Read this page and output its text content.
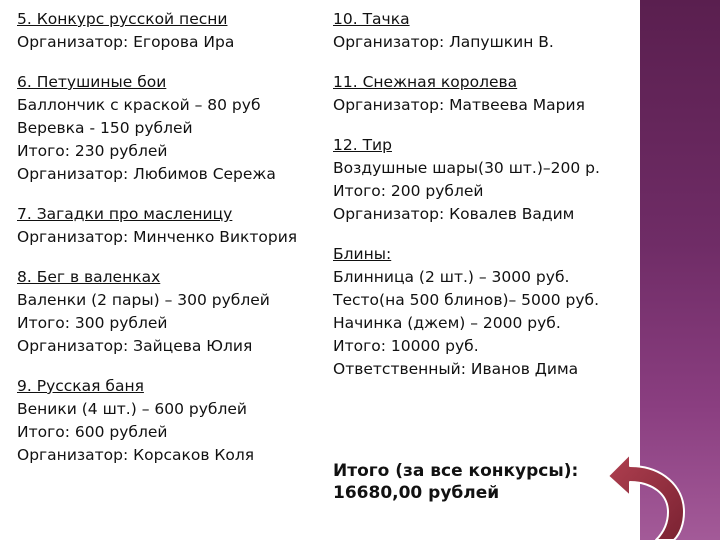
5. Конкурс русской песни
Организатор: Егорова Ира
6. Петушиные бои
Баллончик с краской – 80 руб
Веревка - 150 рублей
Итого: 230 рублей
Организатор: Любимов Сережа
7. Загадки про масленицу
Организатор: Минченко Виктория
8. Бег в валенках
Валенки (2 пары) – 300 рублей
Итого: 300 рублей
Организатор: Зайцева Юлия
9. Русская баня
Веники (4 шт.) – 600 рублей
Итого: 600 рублей
Организатор: Корсаков Коля
10. Тачка
Организатор: Лапушкин В.
11. Снежная королева
Организатор: Матвеева Мария
12. Тир
Воздушные шары(30 шт.)–200 р.
Итого: 200 рублей
Организатор: Ковалев Вадим
Блины:
Блинница (2 шт.) – 3000 руб.
Тесто(на 500 блинов)– 5000 руб.
Начинка (джем) – 2000 руб.
Итого: 10000 руб.
Ответственный: Иванов Дима
Итого (за все конкурсы):
16680,00 рублей
